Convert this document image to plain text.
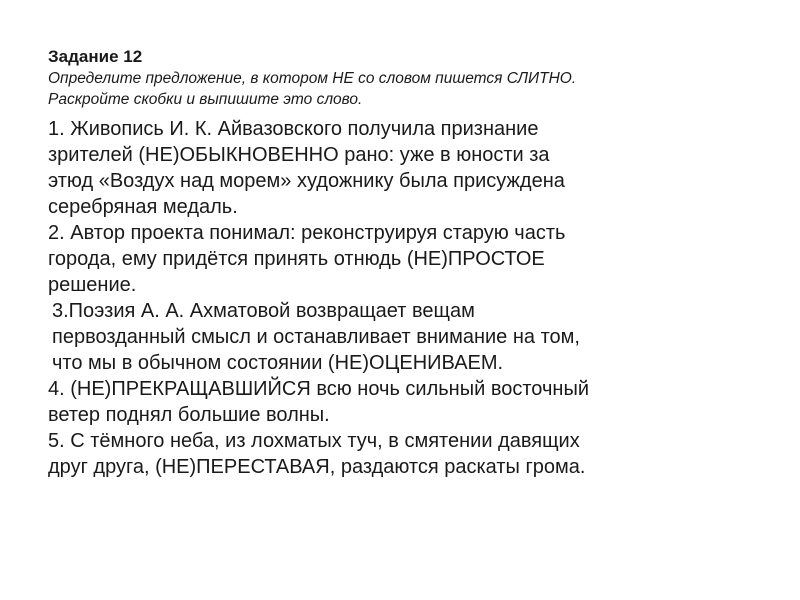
Задание 12

Определите предложение, в котором НЕ со словом пишется СЛИТНО.

Раскройте скобки и выпишите это слово.

1. Живопись И. К. Айвазовского получила признание

зрителей (НЕ)ОБЫКНОВЕННО рано: уже в юности за

этюд «Воздух над морем» художнику была присуждена

серебряная медаль.

2. Автор проекта понимал: реконструируя старую часть

города, ему придётся принять отнюдь (НЕ)ПРОСТОЕ

решение.

3.Поэзия А. А. Ахматовой возвращает вещам

первозданный смысл и останавливает внимание на том,

что мы в обычном состоянии (НЕ)ОЦЕНИВАЕМ.

4. (НЕ)ПРЕКРАЩАВШИЙСЯ всю ночь сильный восточный

ветер поднял большие волны.

5. С тёмного неба, из лохматых туч, в смятении давящих

друг друга, (НЕ)ПЕРЕСТАВАЯ, раздаются раскаты грома.
